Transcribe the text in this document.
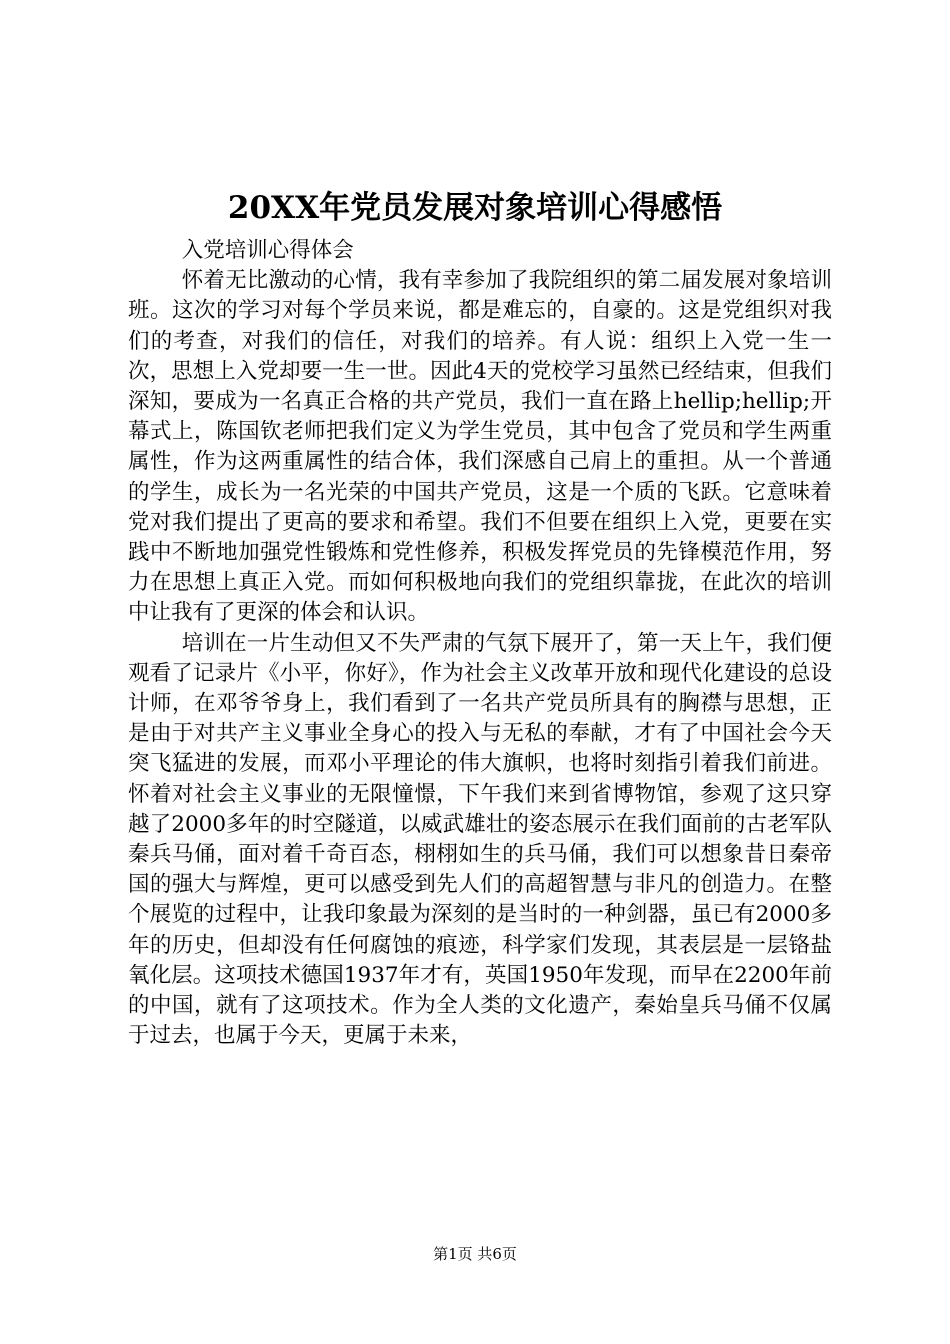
20XX年党员发展对象培训心得感悟

入党培训心得体会

怀着无比激动的心情，我有幸参加了我院组织的第二届发展对象培训班。这次的学习对每个学员来说，都是难忘的，自豪的。这是党组织对我们的考查，对我们的信任，对我们的培养。有人说：组织上入党一生一次，思想上入党却要一生一世。因此4天的党校学习虽然已经结束，但我们深知，要成为一名真正合格的共产党员，我们一直在路上hellip;hellip;开幕式上，陈国钦老师把我们定义为学生党员，其中包含了党员和学生两重属性，作为这两重属性的结合体，我们深感自己肩上的重担。从一个普通的学生，成长为一名光荣的中国共产党员，这是一个质的飞跃。它意味着党对我们提出了更高的要求和希望。我们不但要在组织上入党，更要在实践中不断地加强党性锻炼和党性修养，积极发挥党员的先锋模范作用，努力在思想上真正入党。而如何积极地向我们的党组织靠拢，在此次的培训中让我有了更深的体会和认识。

培训在一片生动但又不失严肃的气氛下展开了，第一天上午，我们便观看了记录片《小平，你好》，作为社会主义改革开放和现代化建设的总设计师，在邓爷爷身上，我们看到了一名共产党员所具有的胸襟与思想，正是由于对共产主义事业全身心的投入与无私的奉献，才有了中国社会今天突飞猛进的发展，而邓小平理论的伟大旗帜，也将时刻指引着我们前进。怀着对社会主义事业的无限憧憬，下午我们来到省博物馆，参观了这只穿越了2000多年的时空隧道，以威武雄壮的姿态展示在我们面前的古老军队秦兵马俑，面对着千奇百态，栩栩如生的兵马俑，我们可以想象昔日秦帝国的强大与辉煌，更可以感受到先人们的高超智慧与非凡的创造力。在整个展览的过程中，让我印象最为深刻的是当时的一种剑器，虽已有2000多年的历史，但却没有任何腐蚀的痕迹，科学家们发现，其表层是一层铬盐氧化层。这项技术德国1937年才有，英国1950年发现，而早在2200年前的中国，就有了这项技术。作为全人类的文化遗产，秦始皇兵马俑不仅属于过去，也属于今天，更属于未来，

第1页 共6页
